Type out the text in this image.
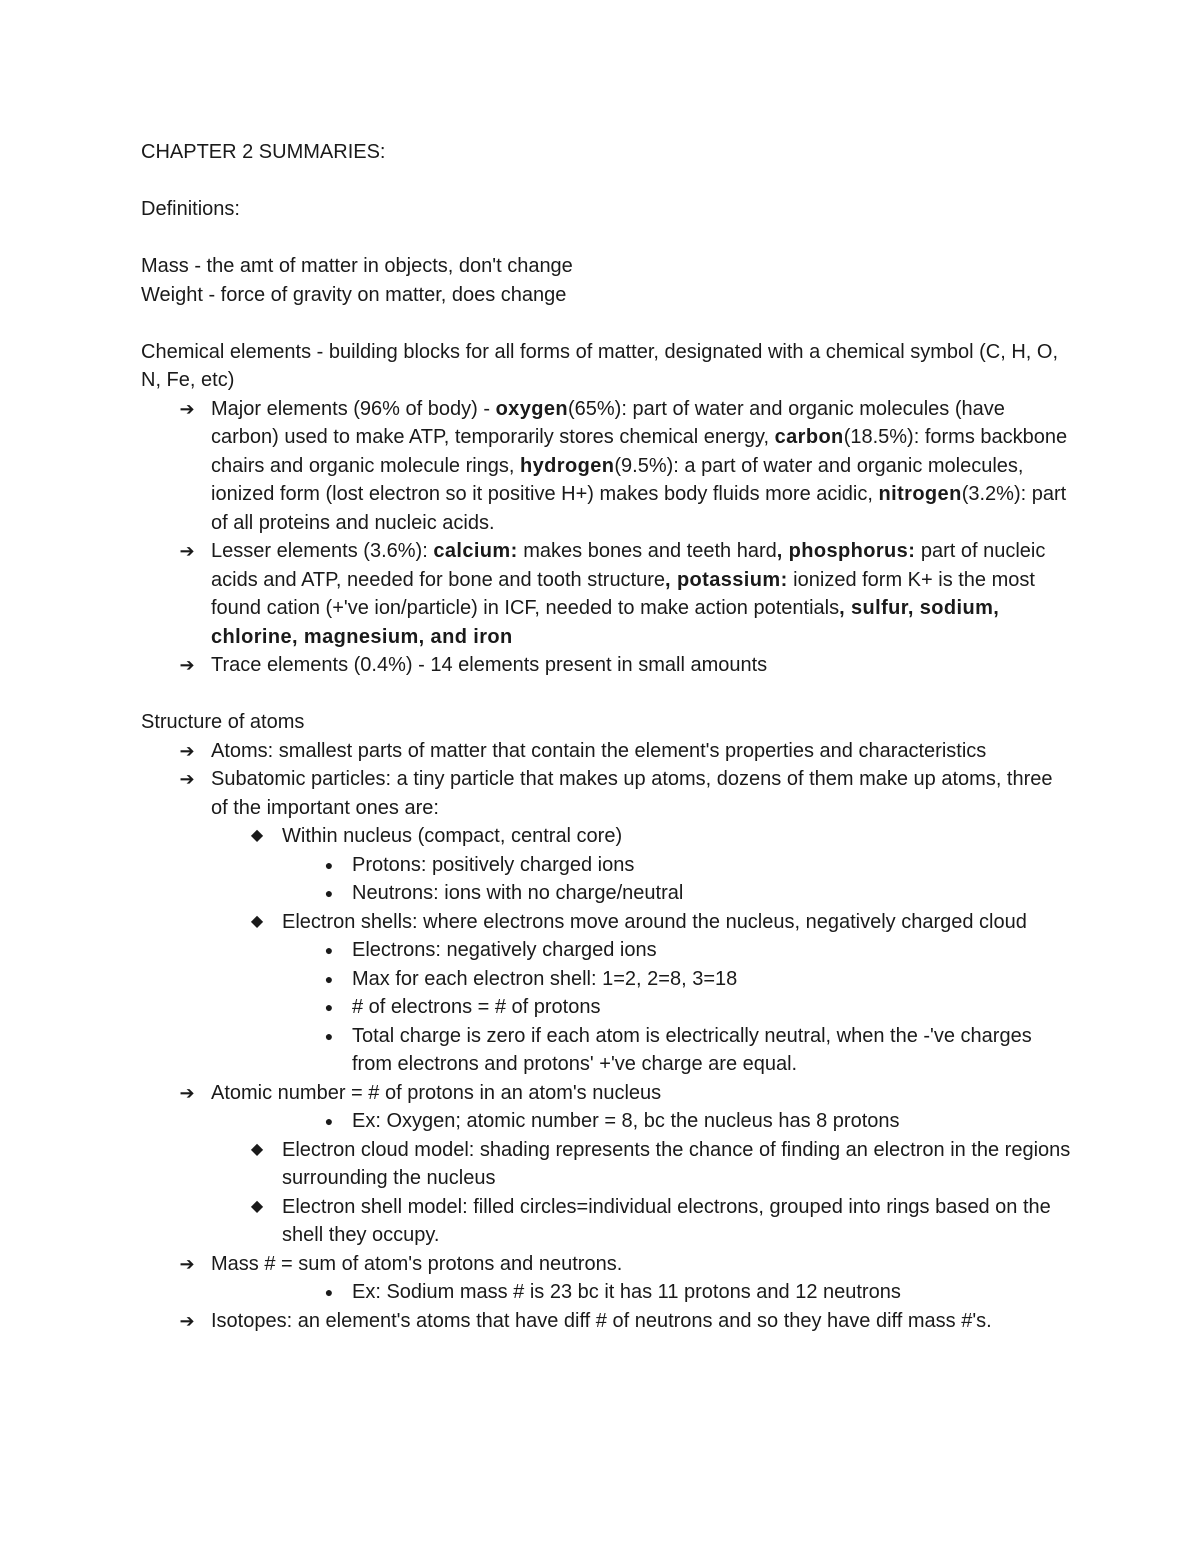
CHAPTER 2 SUMMARIES:

Definitions:

Mass - the amt of matter in objects, don't change

Weight - force of gravity on matter, does change

Chemical elements - building blocks for all forms of matter, designated with a chemical symbol (C, H, O, N, Fe, etc)

➔ Major elements (96% of body) - oxygen(65%): part of water and organic molecules (have carbon) used to make ATP, temporarily stores chemical energy, carbon(18.5%): forms backbone chairs and organic molecule rings, hydrogen(9.5%): a part of water and organic molecules, ionized form (lost electron so it positive H+) makes body fluids more acidic, nitrogen(3.2%): part of all proteins and nucleic acids.
➔ Lesser elements (3.6%): calcium: makes bones and teeth hard, phosphorus: part of nucleic acids and ATP, needed for bone and tooth structure, potassium: ionized form K+ is the most found cation (+'ve ion/particle) in ICF, needed to make action potentials, sulfur, sodium, chlorine, magnesium, and iron
➔ Trace elements (0.4%) - 14 elements present in small amounts

Structure of atoms

➔ Atoms: smallest parts of matter that contain the element's properties and characteristics
➔ Subatomic particles: a tiny particle that makes up atoms, dozens of them make up atoms, three of the important ones are:
◆ Within nucleus (compact, central core)
● Protons: positively charged ions
● Neutrons: ions with no charge/neutral
◆ Electron shells: where electrons move around the nucleus, negatively charged cloud
● Electrons: negatively charged ions
● Max for each electron shell: 1=2, 2=8, 3=18
● # of electrons = # of protons
● Total charge is zero if each atom is electrically neutral, when the -'ve charges from electrons and protons' +'ve charge are equal.
➔ Atomic number = # of protons in an atom's nucleus
● Ex: Oxygen; atomic number = 8, bc the nucleus has 8 protons
◆ Electron cloud model: shading represents the chance of finding an electron in the regions surrounding the nucleus
◆ Electron shell model: filled circles=individual electrons, grouped into rings based on the shell they occupy.
➔ Mass # = sum of atom's protons and neutrons.
● Ex: Sodium mass # is 23 bc it has 11 protons and 12 neutrons
➔ Isotopes: an element's atoms that have diff # of neutrons and so they have diff mass #'s.
